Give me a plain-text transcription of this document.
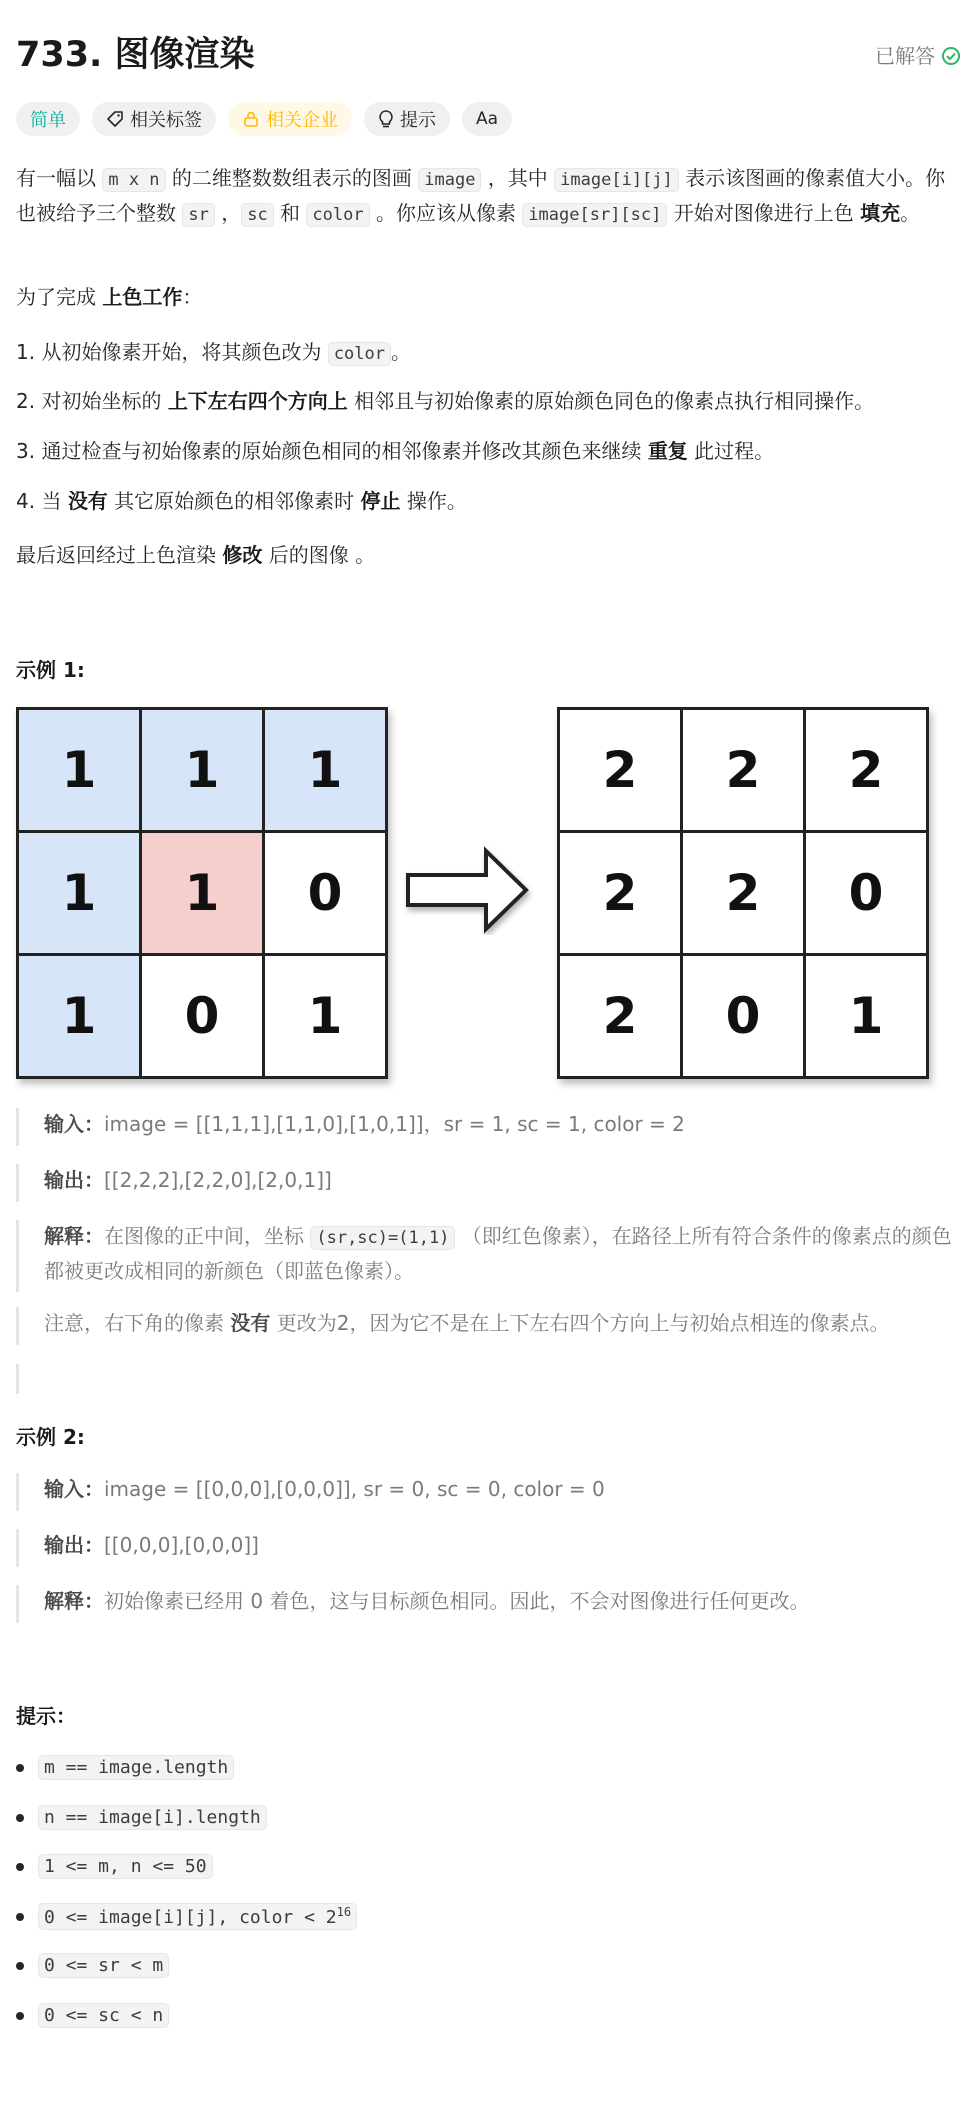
733. 图像渲染	已解答
简单	相关标签	相关企业	提示 Aa

有一幅以 m x n 的二维整数数组表示的图画 image ，其中 image[i][j] 表示该图画的像素值大小。你也被给予三个整数 sr ， sc 和 color 。你应该从像素 image[sr][sc] 开始对图像进行上色 填充。

为了完成 上色工作：

1. 从初始像素开始，将其颜色改为 color 。
2. 对初始坐标的 上下左右四个方向上 相邻且与初始像素的原始颜色同色的像素点执行相同操作。
3. 通过检查与初始像素的原始颜色相同的相邻像素并修改其颜色来继续 重复 此过程。
4. 当 没有 其它原始颜色的相邻像素时 停止 操作。

最后返回经过上色渲染 修改 后的图像 。

示例 1:
1	1	1
1	1	0
1	0	1
2	2	2
2	2	0
2	0	1
输入：image = [[1,1,1],[1,1,0],[1,0,1]]，sr = 1, sc = 1, color = 2
输出：[[2,2,2],[2,2,0],[2,0,1]]
解释：在图像的正中间，坐标 (sr,sc)=(1,1) （即红色像素），在路径上所有符合条件的像素点的颜色都被更改成相同的新颜色（即蓝色像素）。
注意，右下角的像素 没有 更改为2，因为它不是在上下左右四个方向上与初始点相连的像素点。
示例 2:
输入：image = [[0,0,0],[0,0,0]], sr = 0, sc = 0, color = 0
输出：[[0,0,0],[0,0,0]]
解释：初始像素已经用 0 着色，这与目标颜色相同。因此，不会对图像进行任何更改。
提示：
m == image.length
n == image[i].length
1 <= m, n <= 50
0 <= image[i][j], color < $2^{16}$
0 <= sr < m
0 <= sc < n
